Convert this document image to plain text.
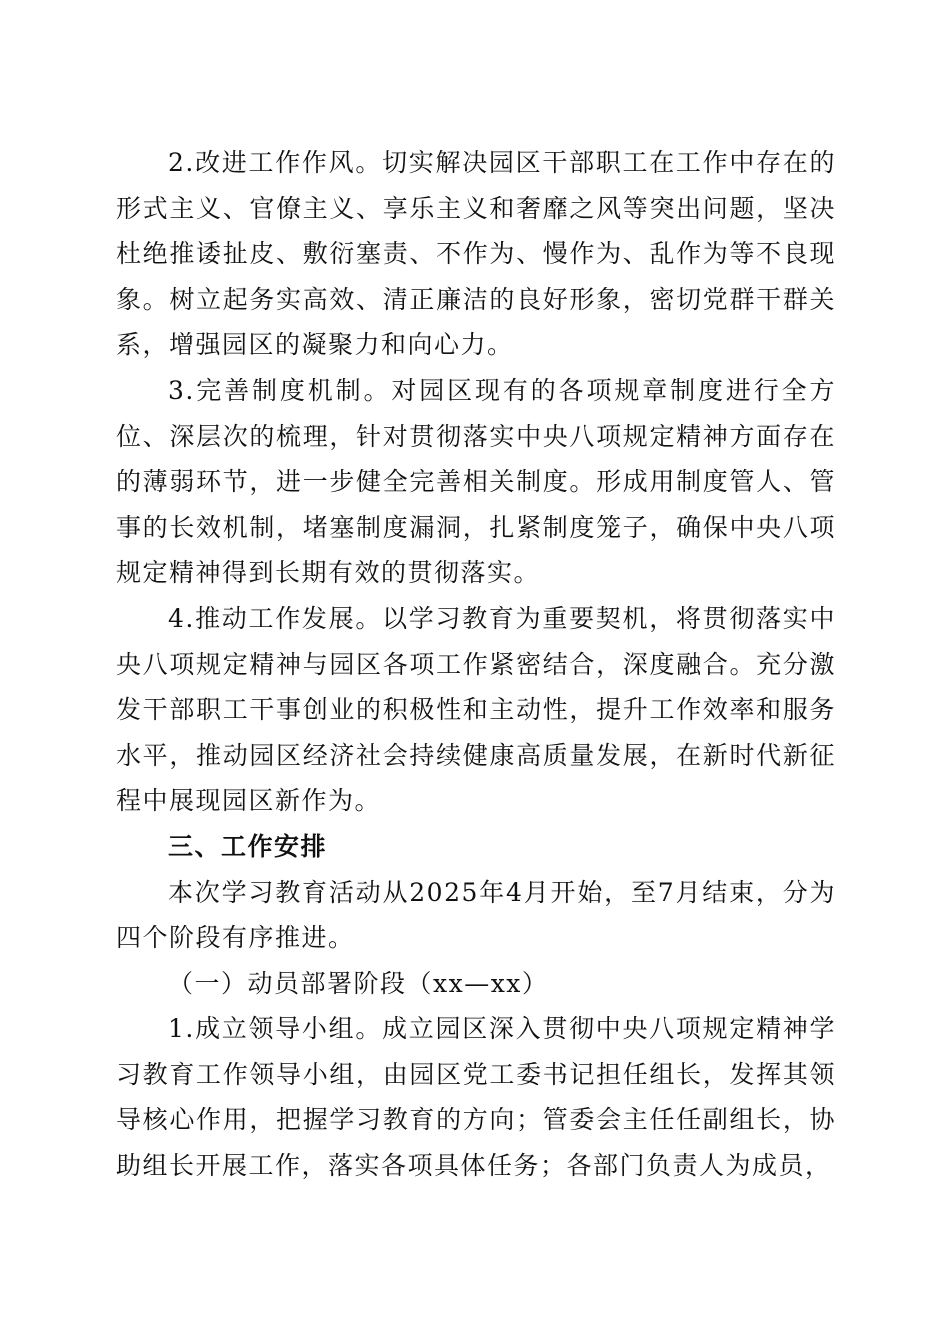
2.改进工作作风。切实解决园区干部职工在工作中存在的形式主义、官僚主义、享乐主义和奢靡之风等突出问题，坚决杜绝推诿扯皮、敷衍塞责、不作为、慢作为、乱作为等不良现象。树立起务实高效、清正廉洁的良好形象，密切党群干群关系，增强园区的凝聚力和向心力。

3.完善制度机制。对园区现有的各项规章制度进行全方位、深层次的梳理，针对贯彻落实中央八项规定精神方面存在的薄弱环节，进一步健全完善相关制度。形成用制度管人、管事的长效机制，堵塞制度漏洞，扎紧制度笼子，确保中央八项规定精神得到长期有效的贯彻落实。

4.推动工作发展。以学习教育为重要契机，将贯彻落实中央八项规定精神与园区各项工作紧密结合，深度融合。充分激发干部职工干事创业的积极性和主动性，提升工作效率和服务水平，推动园区经济社会持续健康高质量发展，在新时代新征程中展现园区新作为。

三、工作安排

本次学习教育活动从2025年4月开始，至7月结束，分为四个阶段有序推进。

（一）动员部署阶段（xx—xx）

1.成立领导小组。成立园区深入贯彻中央八项规定精神学习教育工作领导小组，由园区党工委书记担任组长，发挥其领导核心作用，把握学习教育的方向；管委会主任任副组长，协助组长开展工作，落实各项具体任务；各部门负责人为成员，
